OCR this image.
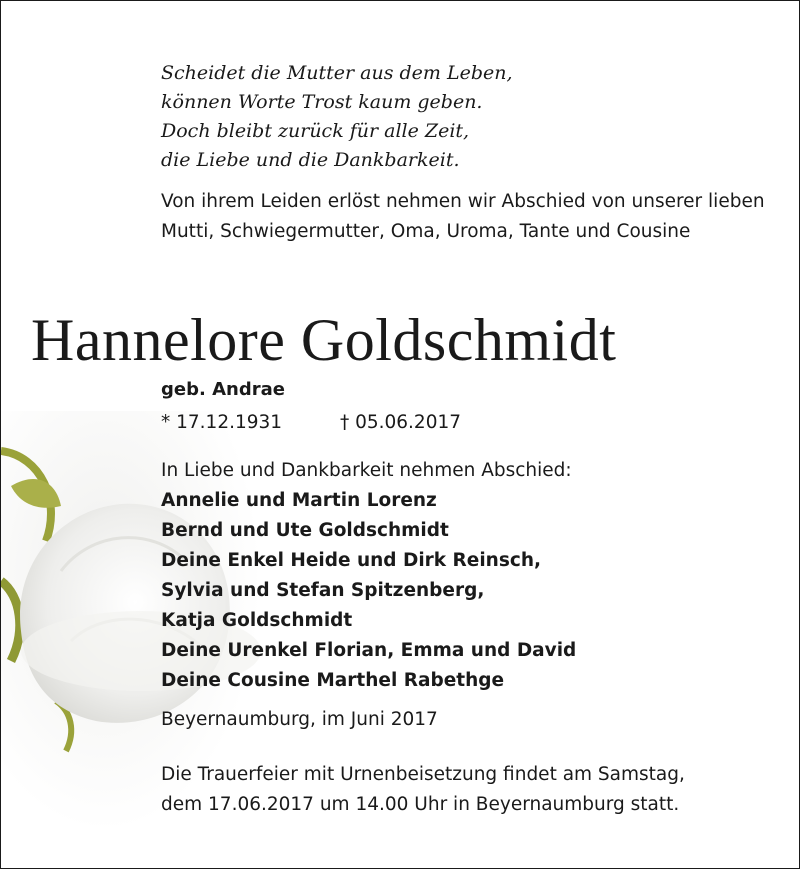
Scheidet die Mutter aus dem Leben,
können Worte Trost kaum geben.
Doch bleibt zurück für alle Zeit,
die Liebe und die Dankbarkeit.
Von ihrem Leiden erlöst nehmen wir Abschied von unserer lieben Mutti, Schwiegermutter, Oma, Uroma, Tante und Cousine
Hannelore Goldschmidt
geb. Andrae
* 17.12.1931	† 05.06.2017
In Liebe und Dankbarkeit nehmen Abschied:
Annelie und Martin Lorenz
Bernd und Ute Goldschmidt
Deine Enkel Heide und Dirk Reinsch,
Sylvia und Stefan Spitzenberg,
Katja Goldschmidt
Deine Urenkel Florian, Emma und David
Deine Cousine Marthel Rabethge
Beyernaumburg, im Juni 2017
Die Trauerfeier mit Urnenbeisetzung findet am Samstag,
dem 17.06.2017 um 14.00 Uhr in Beyernaumburg statt.
